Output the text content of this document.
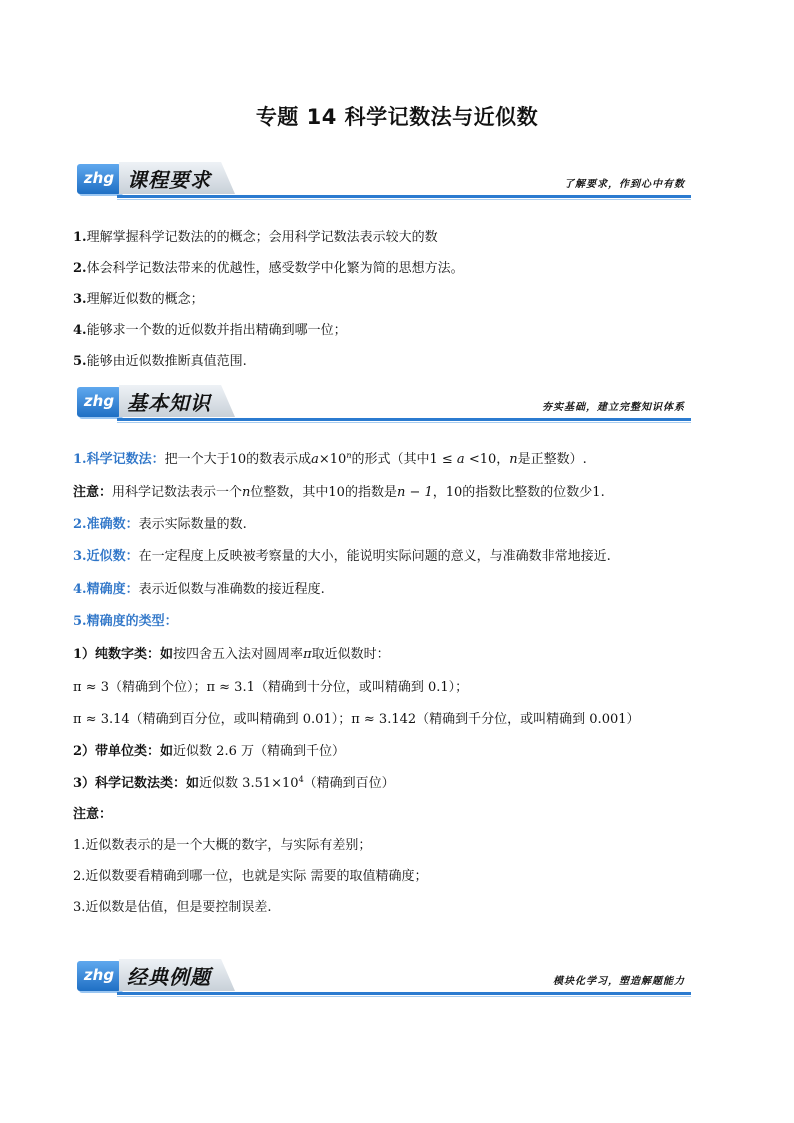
专题 14 科学记数法与近似数
zhg 课程要求	了解要求，作到心中有数
1.理解掌握科学记数法的的概念；会用科学记数法表示较大的数
2.体会科学记数法带来的优越性，感受数学中化繁为简的思想方法。
3.理解近似数的概念；
4.能够求一个数的近似数并指出精确到哪一位；
5.能够由近似数推断真值范围.
zhg 基本知识	夯实基础，建立完整知识体系
1.科学记数法：把一个大于10的数表示成$a\times 10^n$的形式（其中1 ≤ a <10，n是正整数）.
注意：用科学记数法表示一个n位整数，其中10的指数是n − 1，10的指数比整数的位数少1.
2.准确数：表示实际数量的数.
3.近似数：在一定程度上反映被考察量的大小，能说明实际问题的意义，与准确数非常地接近.
4.精确度：表示近似数与准确数的接近程度.
5.精确度的类型：
1）纯数字类：如按四舍五入法对圆周率π取近似数时：
π ≈ 3（精确到个位）；π ≈ 3.1（精确到十分位，或叫精确到 0.1）；
π ≈ 3.14（精确到百分位，或叫精确到 0.01）；π ≈ 3.142（精确到千分位，或叫精确到 0.001）
2）带单位类：如近似数 2.6 万（精确到千位）
3）科学记数法类：如近似数 $3.51\times 10^4$（精确到百位）
注意：
1.近似数表示的是一个大概的数字，与实际有差别；
2.近似数要看精确到哪一位，也就是实际 需要的取值精确度；
3.近似数是估值，但是要控制误差.
zhg 经典例题	模块化学习，塑造解题能力
